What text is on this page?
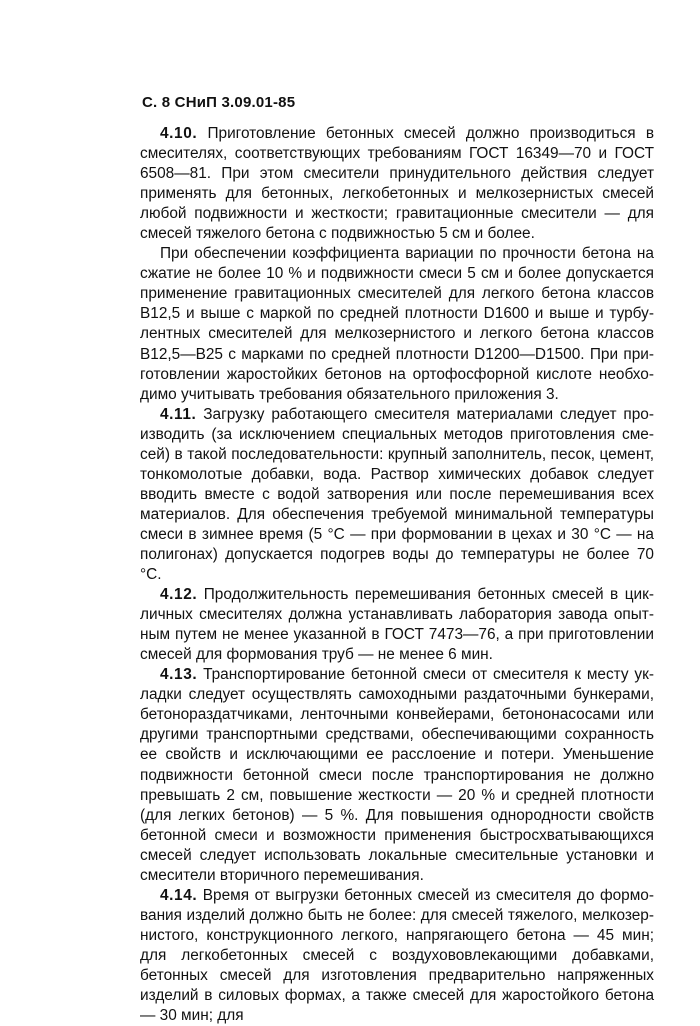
С. 8 СНиП 3.09.01-85

4.10. Приготовление бетонных смесей должно производиться в смесителях, соответствующих требованиям ГОСТ 16349—70 и ГОСТ 6508—81. При этом смесители принудительного действия следует применять для бетонных, легкобетонных и мелкозернистых смесей любой подвижности и жесткости; гравитационные смесители — для смесей тяжелого бетона с подвижностью 5 см и более.

При обеспечении коэффициента вариации по прочности бетона на сжатие не более 10 % и подвижности смеси 5 см и более допускается применение гравитационных смесителей для легкого бетона классов В12,5 и выше с маркой по средней плотности D1600 и выше и турбулентных смесителей для мелкозернистого и легкого бетона классов В12,5—В25 с марками по средней плотности D1200—D1500. При приготовлении жаростойких бетонов на ортофосфорной кислоте необходимо учитывать требования обязательного приложения 3.

4.11. Загрузку работающего смесителя материалами следует производить (за исключением специальных методов приготовления смесей) в такой последовательности: крупный заполнитель, песок, цемент, тонкомолотые добавки, вода. Раствор химических добавок следует вводить вместе с водой затворения или после перемешивания всех материалов. Для обеспечения требуемой минимальной температуры смеси в зимнее время (5 °С — при формовании в цехах и 30 °С — на полигонах) допускается подогрев воды до температуры не более 70 °С.

4.12. Продолжительность перемешивания бетонных смесей в цикличных смесителях должна устанавливать лаборатория завода опытным путем не менее указанной в ГОСТ 7473—76, а при приготовлении смесей для формования труб — не менее 6 мин.

4.13. Транспортирование бетонной смеси от смесителя к месту укладки следует осуществлять самоходными раздаточными бункерами, бетонораздатчиками, ленточными конвейерами, бетононасосами или другими транспортными средствами, обеспечивающими сохранность ее свойств и исключающими ее расслоение и потери. Уменьшение подвижности бетонной смеси после транспортирования не должно превышать 2 см, повышение жесткости — 20 % и средней плотности (для легких бетонов) — 5 %. Для повышения однородности свойств бетонной смеси и возможности применения быстросхватывающихся смесей следует использовать локальные смесительные установки и смесители вторичного перемешивания.

4.14. Время от выгрузки бетонных смесей из смесителя до формования изделий должно быть не более: для смесей тяжелого, мелкозернистого, конструкционного легкого, напрягающего бетона — 45 мин; для легкобетонных смесей с воздухововлекающими добавками, бетонных смесей для изготовления предварительно напряженных изделий в силовых формах, а также смесей для жаростойкого бетона — 30 мин; для
